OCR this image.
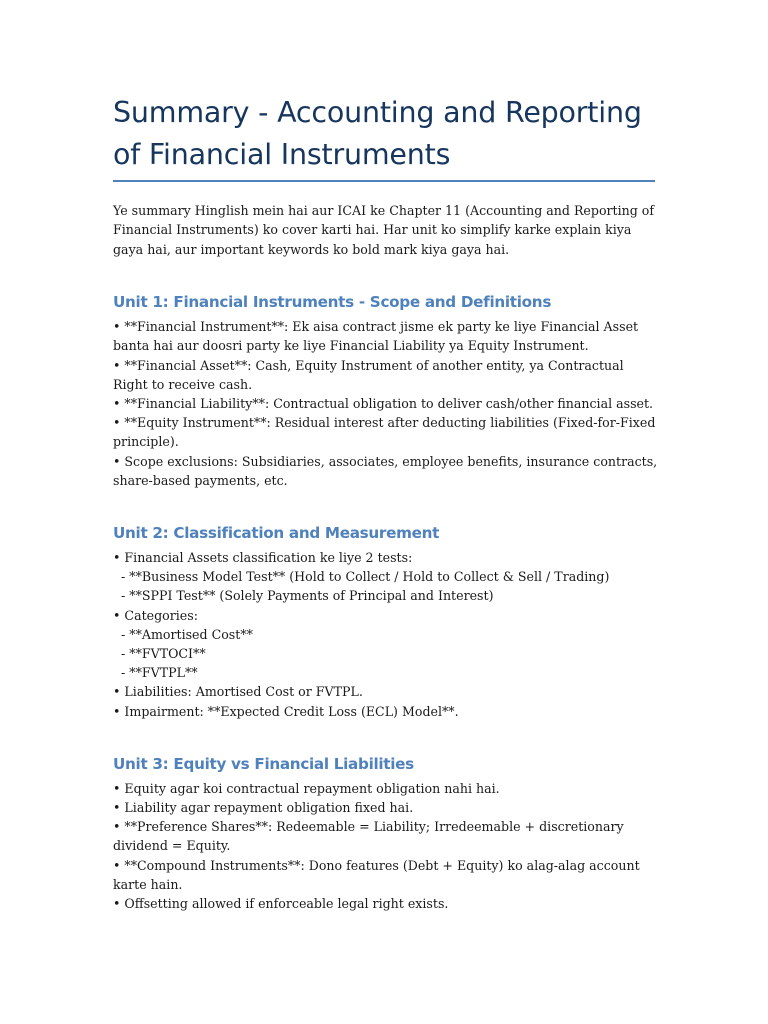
Summary - Accounting and Reporting of Financial Instruments

Ye summary Hinglish mein hai aur ICAI ke Chapter 11 (Accounting and Reporting of Financial Instruments) ko cover karti hai. Har unit ko simplify karke explain kiya gaya hai, aur important keywords ko bold mark kiya gaya hai.

Unit 1: Financial Instruments - Scope and Definitions

• **Financial Instrument**: Ek aisa contract jisme ek party ke liye Financial Asset banta hai aur doosri party ke liye Financial Liability ya Equity Instrument.

• **Financial Asset**: Cash, Equity Instrument of another entity, ya Contractual Right to receive cash.

• **Financial Liability**: Contractual obligation to deliver cash/other financial asset.

• **Equity Instrument**: Residual interest after deducting liabilities (Fixed-for-Fixed principle).

• Scope exclusions: Subsidiaries, associates, employee benefits, insurance contracts, share-based payments, etc.

Unit 2: Classification and Measurement

• Financial Assets classification ke liye 2 tests:

- **Business Model Test** (Hold to Collect / Hold to Collect & Sell / Trading)

- **SPPI Test** (Solely Payments of Principal and Interest)

• Categories:

- **Amortised Cost**

- **FVTOCI**

- **FVTPL**

• Liabilities: Amortised Cost or FVTPL.

• Impairment: **Expected Credit Loss (ECL) Model**.

Unit 3: Equity vs Financial Liabilities

• Equity agar koi contractual repayment obligation nahi hai.

• Liability agar repayment obligation fixed hai.

• **Preference Shares**: Redeemable = Liability; Irredeemable + discretionary dividend = Equity.

• **Compound Instruments**: Dono features (Debt + Equity) ko alag-alag account karte hain.

• Offsetting allowed if enforceable legal right exists.
